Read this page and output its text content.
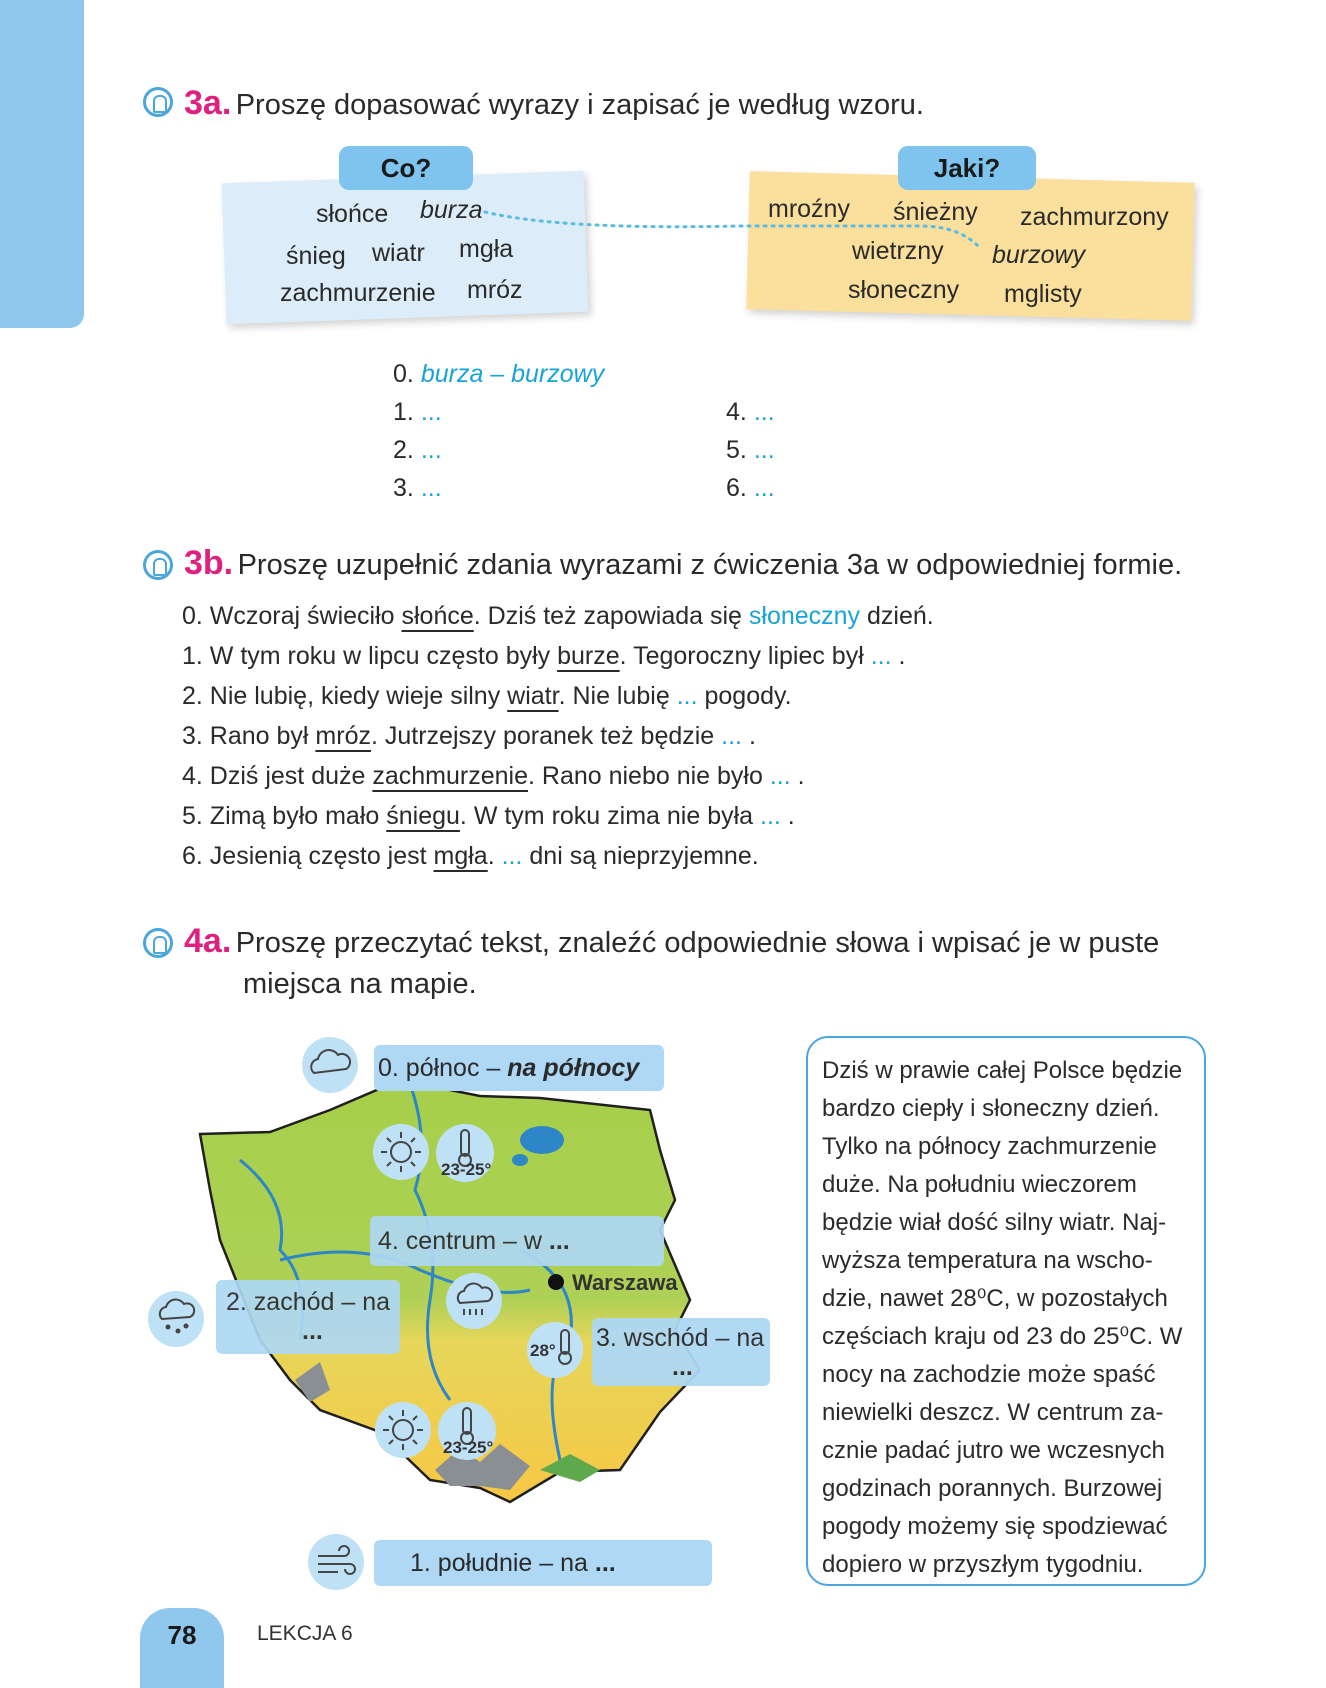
3a. Proszę dopasować wyrazy i zapisać je według wzoru.
Co?	Jaki?
słońce burza
śnieg wiatr mgła
zachmurzenie mróz
mroźny śnieżny zachmurzony
wietrzny burzowy
słoneczny mglisty
0. burza – burzowy
1. ...
2. ...
3. ...
4. ...
5. ...
6. ...
3b. Proszę uzupełnić zdania wyrazami z ćwiczenia 3a w odpowiedniej formie.
0. Wczoraj świeciło słońce. Dziś też zapowiada się słoneczny dzień.
1. W tym roku w lipcu często były burze. Tegoroczny lipiec był ... .
2. Nie lubię, kiedy wieje silny wiatr. Nie lubię ... pogody.
3. Rano był mróz. Jutrzejszy poranek też będzie ... .
4. Dziś jest duże zachmurzenie. Rano niebo nie było ... .
5. Zimą było mało śniegu. W tym roku zima nie była ... .
6. Jesienią często jest mgła. ... dni są nieprzyjemne.
4a. Proszę przeczytać tekst, znaleźć odpowiednie słowa i wpisać je w puste
miejsca na mapie.
0. północ – na północy
23-25°
4. centrum – w ...
Warszawa
2. zachód – na
...
28° 3. wschód – na
...
23-25°
1. południe – na ...
Dziś w prawie całej Polsce będzie
bardzo ciepły i słoneczny dzień.
Tylko na północy zachmurzenie
duże. Na południu wieczorem
będzie wiał dość silny wiatr. Naj-
wyższa temperatura na wscho-
dzie, nawet 28⁰C, w pozostałych
częściach kraju od 23 do 25⁰C. W
nocy na zachodzie może spaść
niewielki deszcz. W centrum za-
cznie padać jutro we wczesnych
godzinach porannych. Burzowej
pogody możemy się spodziewać
dopiero w przyszłym tygodniu.
78	LEKCJA 6
